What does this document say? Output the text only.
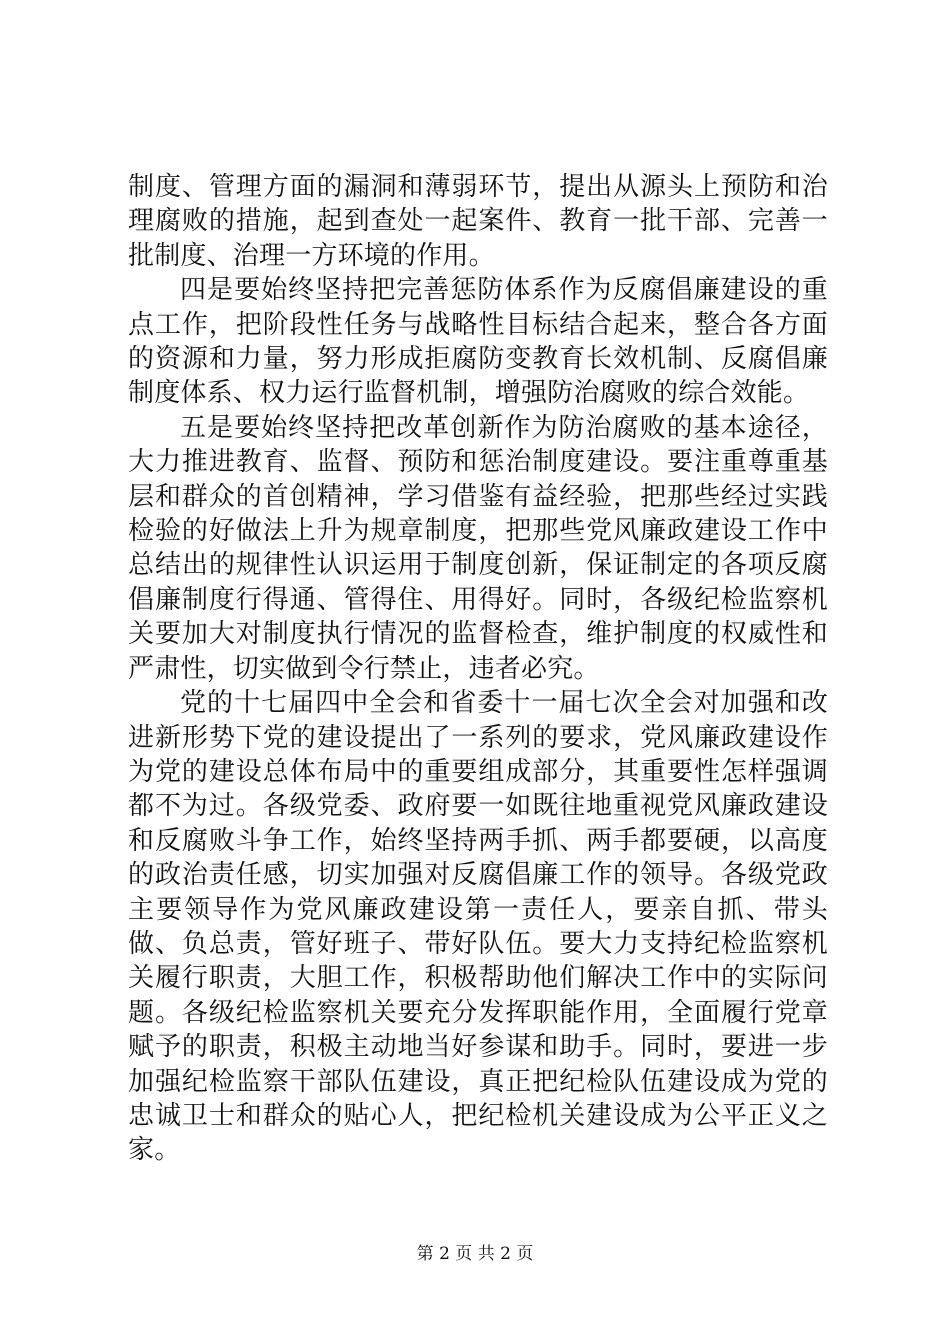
制度、管理方面的漏洞和薄弱环节，提出从源头上预防和治理腐败的措施，起到查处一起案件、教育一批干部、完善一批制度、治理一方环境的作用。

四是要始终坚持把完善惩防体系作为反腐倡廉建设的重点工作，把阶段性任务与战略性目标结合起来，整合各方面的资源和力量，努力形成拒腐防变教育长效机制、反腐倡廉制度体系、权力运行监督机制，增强防治腐败的综合效能。

五是要始终坚持把改革创新作为防治腐败的基本途径，大力推进教育、监督、预防和惩治制度建设。要注重尊重基层和群众的首创精神，学习借鉴有益经验，把那些经过实践检验的好做法上升为规章制度，把那些党风廉政建设工作中总结出的规律性认识运用于制度创新，保证制定的各项反腐倡廉制度行得通、管得住、用得好。同时，各级纪检监察机关要加大对制度执行情况的监督检查，维护制度的权威性和严肃性，切实做到令行禁止，违者必究。

党的十七届四中全会和省委十一届七次全会对加强和改进新形势下党的建设提出了一系列的要求，党风廉政建设作为党的建设总体布局中的重要组成部分，其重要性怎样强调都不为过。各级党委、政府要一如既往地重视党风廉政建设和反腐败斗争工作，始终坚持两手抓、两手都要硬，以高度的政治责任感，切实加强对反腐倡廉工作的领导。各级党政主要领导作为党风廉政建设第一责任人，要亲自抓、带头做、负总责，管好班子、带好队伍。要大力支持纪检监察机关履行职责，大胆工作，积极帮助他们解决工作中的实际问题。各级纪检监察机关要充分发挥职能作用，全面履行党章赋予的职责，积极主动地当好参谋和助手。同时，要进一步加强纪检监察干部队伍建设，真正把纪检队伍建设成为党的忠诚卫士和群众的贴心人，把纪检机关建设成为公平正义之家。

第 2 页 共 2 页
